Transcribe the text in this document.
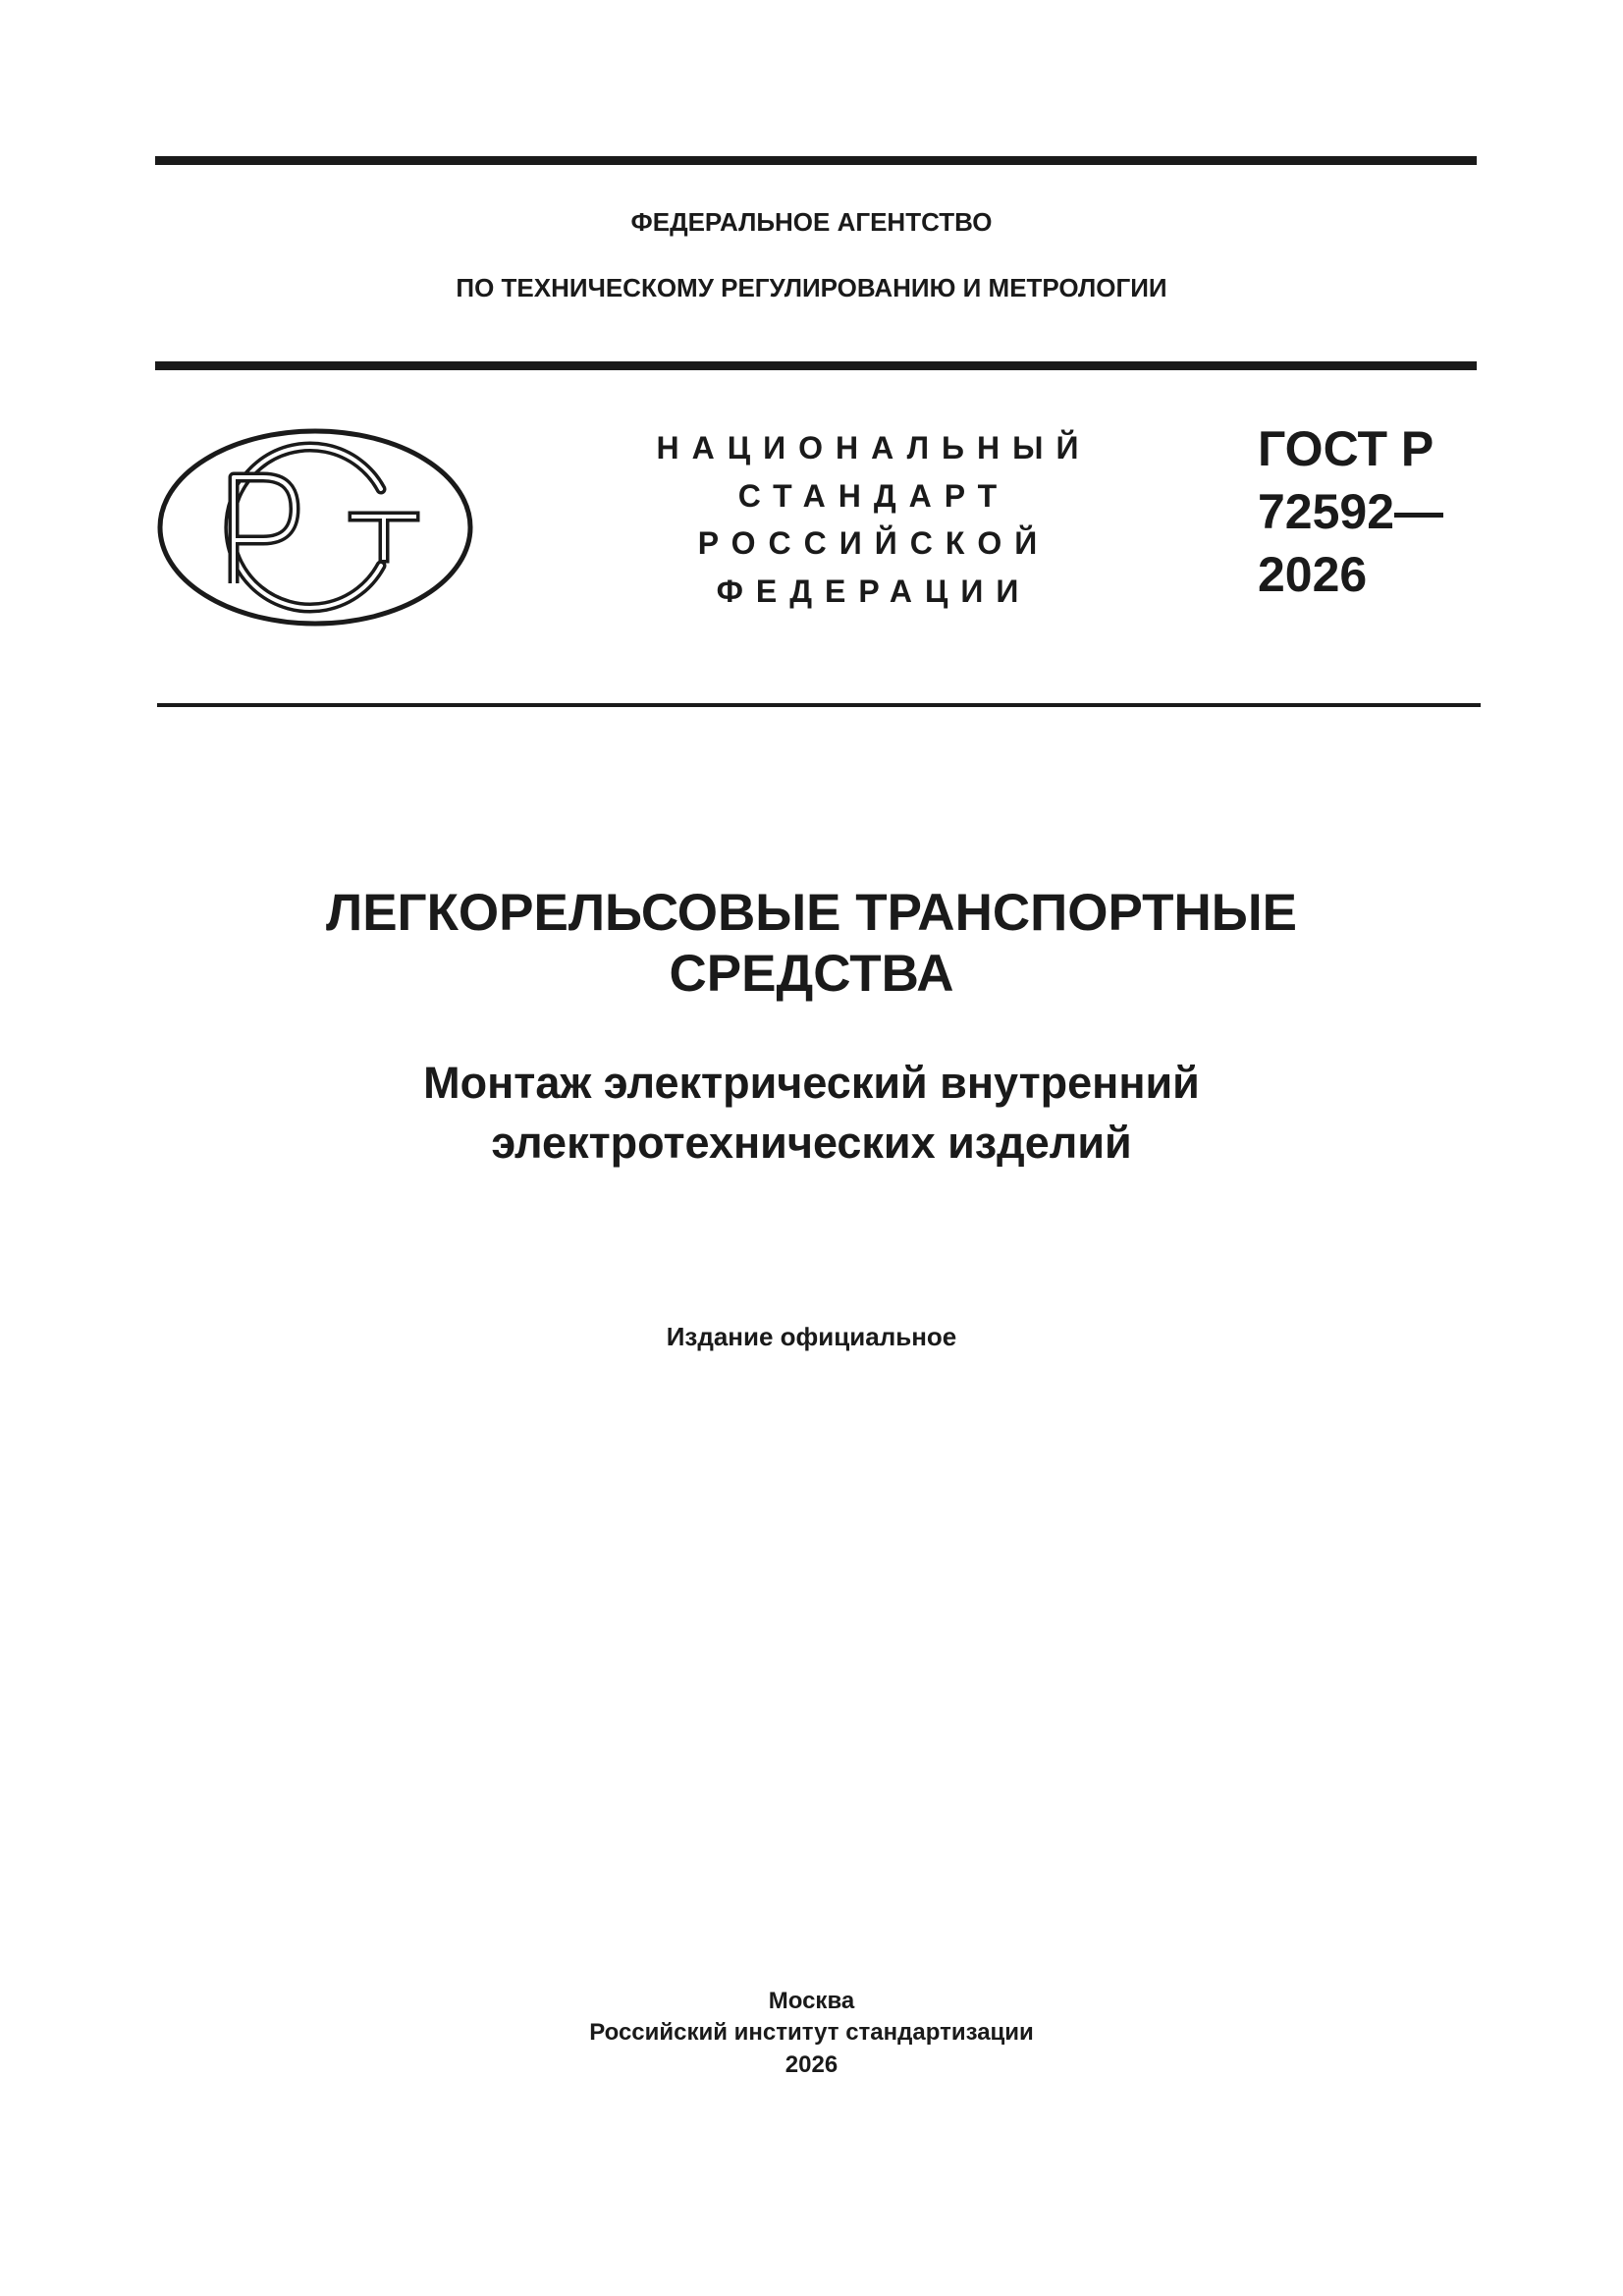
ФЕДЕРАЛЬНОЕ АГЕНТСТВО
ПО ТЕХНИЧЕСКОМУ РЕГУЛИРОВАНИЮ И МЕТРОЛОГИИ
НАЦИОНАЛЬНЫЙ
СТАНДАРТ
РОССИЙСКОЙ
ФЕДЕРАЦИИ
ГОСТ Р
72592—
2026
ЛЕГКОРЕЛЬСОВЫЕ ТРАНСПОРТНЫЕ
СРЕДСТВА
Монтаж электрический внутренний
электротехнических изделий
Издание официальное
Москва
Российский институт стандартизации
2026
